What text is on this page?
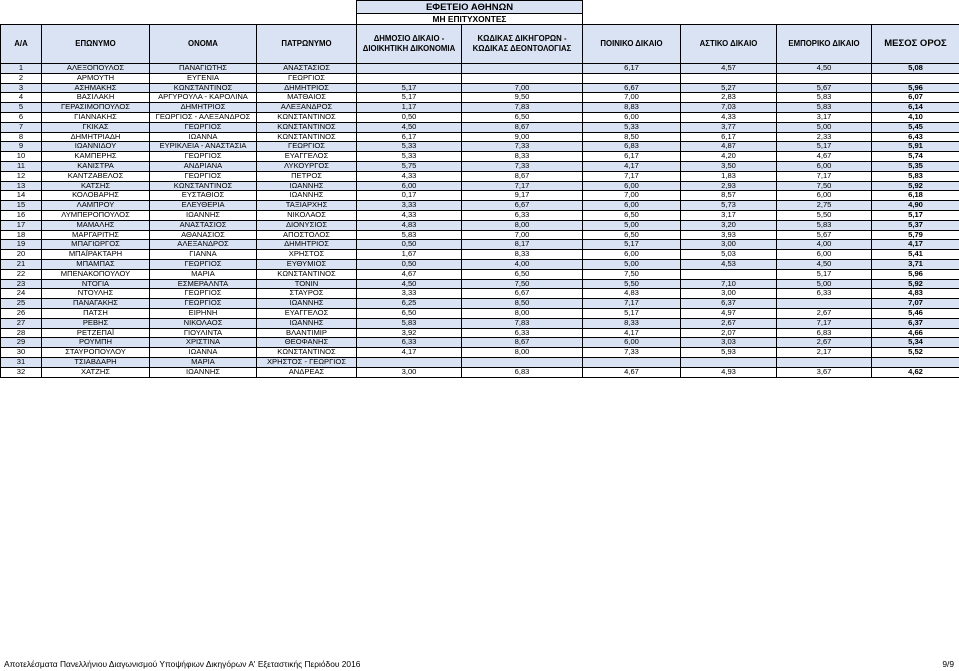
				ΕΦΕΤΕΙΟ ΑΘΗΝΩΝ					
				ΜΗ ΕΠΙΤΥΧΟΝΤΕΣ					
Α/Α	ΕΠΩΝΥΜΟ	ΟΝΟΜΑ	ΠΑΤΡΩΝΥΜΟ	ΔΗΜΟΣΙΟ ΔΙΚΑΙΟ - ΔΙΟΙΚΗΤΙΚΗ ΔΙΚΟΝΟΜΙΑ	ΚΩΔΙΚΑΣ ΔΙΚΗΓΟΡΩΝ - ΚΩΔΙΚΑΣ ΔΕΟΝΤΟΛΟΓΙΑΣ	ΠΟΙΝΙΚΟ ΔΙΚΑΙΟ	ΑΣΤΙΚΟ ΔΙΚΑΙΟ	ΕΜΠΟΡΙΚΟ ΔΙΚΑΙΟ	ΜΕΣΟΣ ΟΡΟΣ
1	ΑΛΕΞΟΠΟΥΛΟΣ	ΠΑΝΑΓΙΩΤΗΣ	ΑΝΑΣΤΑΣΙΟΣ			6,17	4,57	4,50	5,08
2	ΑΡΜΟΥΤΗ	ΕΥΓΕΝΙΑ	ΓΕΩΡΓΙΟΣ						
3	ΑΣΗΜΑΚΗΣ	ΚΩΝΣΤΑΝΤΙΝΟΣ	ΔΗΜΗΤΡΙΟΣ	5,17	7,00	6,67	5,27	5,67	5,96
4	ΒΑΣΙΛΑΚΗ	ΑΡΓΥΡΟΥΛΑ - ΚΑΡΟΛΙΝΑ	ΜΑΤΘΑΙΟΣ	5,17	9,50	7,00	2,83	5,83	6,07
5	ΓΕΡΑΣΙΜΟΠΟΥΛΟΣ	ΔΗΜΗΤΡΙΟΣ	ΑΛΕΞΑΝΔΡΟΣ	1,17	7,83	8,83	7,03	5,83	6,14
6	ΓΙΑΝΝΑΚΗΣ	ΓΕΩΡΓΙΟΣ - ΑΛΕΞΑΝΔΡΟΣ	ΚΩΝΣΤΑΝΤΙΝΟΣ	0,50	6,50	6,00	4,33	3,17	4,10
7	ΓΚΙΚΑΣ	ΓΕΩΡΓΙΟΣ	ΚΩΝΣΤΑΝΤΙΝΟΣ	4,50	8,67	5,33	3,77	5,00	5,45
8	ΔΗΜΗΤΡΙΑΔΗ	ΙΩΑΝΝΑ	ΚΩΝΣΤΑΝΤΙΝΟΣ	6,17	9,00	8,50	6,17	2,33	6,43
9	ΙΩΑΝΝΙΔΟΥ	ΕΥΡΙΚΛΕΙΑ - ΑΝΑΣΤΑΣΙΑ	ΓΕΩΡΓΙΟΣ	5,33	7,33	6,83	4,87	5,17	5,91
10	ΚΑΜΠΕΡΗΣ	ΓΕΩΡΓΙΟΣ	ΕΥΑΓΓΕΛΟΣ	5,33	8,33	6,17	4,20	4,67	5,74
11	ΚΑΝΙΣΤΡΑ	ΑΝΔΡΙΑΝΑ	ΛΥΚΟΥΡΓΟΣ	5,75	7,33	4,17	3,50	6,00	5,35
12	ΚΑΝΤΖΑΒΕΛΟΣ	ΓΕΩΡΓΙΟΣ	ΠΕΤΡΟΣ	4,33	8,67	7,17	1,83	7,17	5,83
13	ΚΑΤΣΗΣ	ΚΩΝΣΤΑΝΤΙΝΟΣ	ΙΩΑΝΝΗΣ	6,00	7,17	6,00	2,93	7,50	5,92
14	ΚΟΛΟΒΑΡΗΣ	ΕΥΣΤΑΘΙΟΣ	ΙΩΑΝΝΗΣ	0,17	9,17	7,00	8,57	6,00	6,18
15	ΛΑΜΠΡΟΥ	ΕΛΕΥΘΕΡΙΑ	ΤΑΞΙΑΡΧΗΣ	3,33	6,67	6,00	5,73	2,75	4,90
16	ΛΥΜΠΕΡΟΠΟΥΛΟΣ	ΙΩΑΝΝΗΣ	ΝΙΚΟΛΑΟΣ	4,33	6,33	6,50	3,17	5,50	5,17
17	ΜΑΜΑΛΗΣ	ΑΝΑΣΤΑΣΙΟΣ	ΔΙΟΝΥΣΙΟΣ	4,83	8,00	5,00	3,20	5,83	5,37
18	ΜΑΡΓΑΡΙΤΗΣ	ΑΘΑΝΑΣΙΟΣ	ΑΠΟΣΤΟΛΟΣ	5,83	7,00	6,50	3,93	5,67	5,79
19	ΜΠΑΓΙΩΡΓΟΣ	ΑΛΕΞΑΝΔΡΟΣ	ΔΗΜΗΤΡΙΟΣ	0,50	8,17	5,17	3,00	4,00	4,17
20	ΜΠΑΪΡΑΚΤΑΡΗ	ΓΙΑΝΝΑ	ΧΡΗΣΤΟΣ	1,67	8,33	6,00	5,03	6,00	5,41
21	ΜΠΑΜΠΑΣ	ΓΕΩΡΓΙΟΣ	ΕΥΘΥΜΙΟΣ	0,50	4,00	5,00	4,53	4,50	3,71
22	ΜΠΕΝΑΚΟΠΟΥΛΟΥ	ΜΑΡΙΑ	ΚΩΝΣΤΑΝΤΙΝΟΣ	4,67	6,50	7,50		5,17	5,96
23	ΝΤΟΓΙΑ	ΕΣΜΕΡΑΛΝΤΑ	ΤΟΝΙΝ	4,50	7,50	5,50	7,10	5,00	5,92
24	ΝΤΟΥΛΗΣ	ΓΕΩΡΓΙΟΣ	ΣΤΑΥΡΟΣ	3,33	6,67	4,83	3,00	6,33	4,83
25	ΠΑΝΑΓΑΚΗΣ	ΓΕΩΡΓΙΟΣ	ΙΩΑΝΝΗΣ	6,25	8,50	7,17	6,37		7,07
26	ΠΑΤΣΗ	ΕΙΡΗΝΗ	ΕΥΑΓΓΕΛΟΣ	6,50	8,00	5,17	4,97	2,67	5,46
27	ΡΕΒΗΣ	ΝΙΚΟΛΑΟΣ	ΙΩΑΝΝΗΣ	5,83	7,83	8,33	2,67	7,17	6,37
28	ΡΕΤΖΕΠΑΪ	ΓΙΟΥΛΙΝΤΑ	ΒΛΑΝΤΙΜΙΡ	3,92	6,33	4,17	2,07	6,83	4,66
29	ΡΟΥΜΠΗ	ΧΡΙΣΤΙΝΑ	ΘΕΟΦΑΝΗΣ	6,33	8,67	6,00	3,03	2,67	5,34
30	ΣΤΑΥΡΟΠΟΥΛΟΥ	ΙΩΑΝΝΑ	ΚΩΝΣΤΑΝΤΙΝΟΣ	4,17	8,00	7,33	5,93	2,17	5,52
31	ΤΣΙΑΒΔΑΡΗ	ΜΑΡΙΑ	ΧΡΗΣΤΟΣ - ΓΕΩΡΓΙΟΣ						
32	ΧΑΤΖΗΣ	ΙΩΑΝΝΗΣ	ΑΝΔΡΕΑΣ	3,00	6,83	4,67	4,93	3,67	4,62
Αποτελέσματα Πανελλήνιου Διαγωνισμού Υποψήφιων Δικηγόρων Α' Εξεταστικής Περιόδου 2016	9/9
